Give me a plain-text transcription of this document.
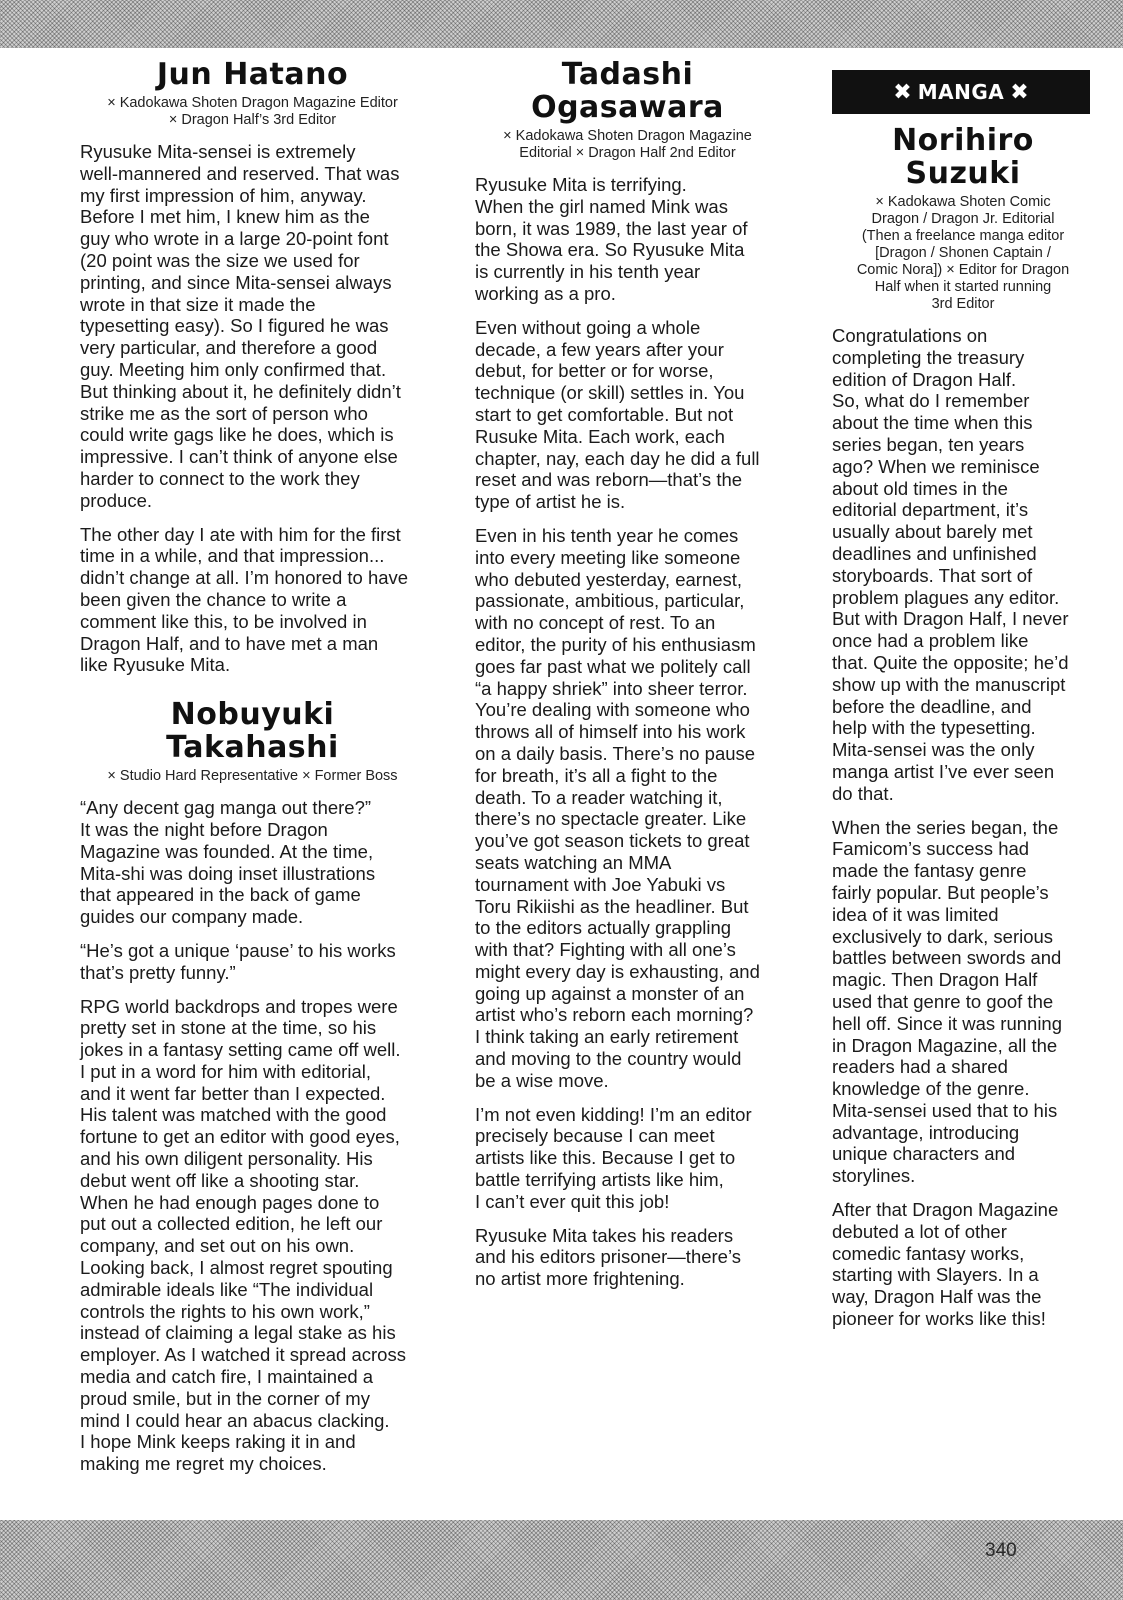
Jun Hatano
× Kadokawa Shoten Dragon Magazine Editor
× Dragon Half’s 3rd Editor

Ryusuke Mita-sensei is extremely
well-mannered and reserved. That was
my first impression of him, anyway.
Before I met him, I knew him as the
guy who wrote in a large 20-point font
(20 point was the size we used for
printing, and since Mita-sensei always
wrote in that size it made the
typesetting easy). So I figured he was
very particular, and therefore a good
guy. Meeting him only confirmed that.
But thinking about it, he definitely didn’t
strike me as the sort of person who
could write gags like he does, which is
impressive. I can’t think of anyone else
harder to connect to the work they
produce.

The other day I ate with him for the first
time in a while, and that impression...
didn’t change at all. I’m honored to have
been given the chance to write a
comment like this, to be involved in
Dragon Half, and to have met a man
like Ryusuke Mita.

Nobuyuki
Takahashi
× Studio Hard Representative × Former Boss

“Any decent gag manga out there?”
It was the night before Dragon
Magazine was founded. At the time,
Mita-shi was doing inset illustrations
that appeared in the back of game
guides our company made.

“He’s got a unique ‘pause’ to his works
that’s pretty funny.”

RPG world backdrops and tropes were
pretty set in stone at the time, so his
jokes in a fantasy setting came off well.
I put in a word for him with editorial,
and it went far better than I expected.
His talent was matched with the good
fortune to get an editor with good eyes,
and his own diligent personality. His
debut went off like a shooting star.
When he had enough pages done to
put out a collected edition, he left our
company, and set out on his own.
Looking back, I almost regret spouting
admirable ideals like “The individual
controls the rights to his own work,”
instead of claiming a legal stake as his
employer. As I watched it spread across
media and catch fire, I maintained a
proud smile, but in the corner of my
mind I could hear an abacus clacking.
I hope Mink keeps raking it in and
making me regret my choices.

Tadashi
Ogasawara
× Kadokawa Shoten Dragon Magazine
Editorial × Dragon Half 2nd Editor

Ryusuke Mita is terrifying.
When the girl named Mink was
born, it was 1989, the last year of
the Showa era. So Ryusuke Mita
is currently in his tenth year
working as a pro.

Even without going a whole
decade, a few years after your
debut, for better or for worse,
technique (or skill) settles in. You
start to get comfortable. But not
Rusuke Mita. Each work, each
chapter, nay, each day he did a full
reset and was reborn—that’s the
type of artist he is.

Even in his tenth year he comes
into every meeting like someone
who debuted yesterday, earnest,
passionate, ambitious, particular,
with no concept of rest. To an
editor, the purity of his enthusiasm
goes far past what we politely call
“a happy shriek” into sheer terror.
You’re dealing with someone who
throws all of himself into his work
on a daily basis. There’s no pause
for breath, it’s all a fight to the
death. To a reader watching it,
there’s no spectacle greater. Like
you’ve got season tickets to great
seats watching an MMA
tournament with Joe Yabuki vs
Toru Rikiishi as the headliner. But
to the editors actually grappling
with that? Fighting with all one’s
might every day is exhausting, and
going up against a monster of an
artist who’s reborn each morning?
I think taking an early retirement
and moving to the country would
be a wise move.

I’m not even kidding! I’m an editor
precisely because I can meet
artists like this. Because I get to
battle terrifying artists like him,
I can’t ever quit this job!

Ryusuke Mita takes his readers
and his editors prisoner—there’s
no artist more frightening.

✖ MANGA ✖
Norihiro
Suzuki
× Kadokawa Shoten Comic
Dragon / Dragon Jr. Editorial
(Then a freelance manga editor
[Dragon / Shonen Captain /
Comic Nora]) × Editor for Dragon
Half when it started running
3rd Editor

Congratulations on
completing the treasury
edition of Dragon Half.
So, what do I remember
about the time when this
series began, ten years
ago? When we reminisce
about old times in the
editorial department, it’s
usually about barely met
deadlines and unfinished
storyboards. That sort of
problem plagues any editor.
But with Dragon Half, I never
once had a problem like
that. Quite the opposite; he’d
show up with the manuscript
before the deadline, and
help with the typesetting.
Mita-sensei was the only
manga artist I’ve ever seen
do that.

When the series began, the
Famicom’s success had
made the fantasy genre
fairly popular. But people’s
idea of it was limited
exclusively to dark, serious
battles between swords and
magic. Then Dragon Half
used that genre to goof the
hell off. Since it was running
in Dragon Magazine, all the
readers had a shared
knowledge of the genre.
Mita-sensei used that to his
advantage, introducing
unique characters and
storylines.

After that Dragon Magazine
debuted a lot of other
comedic fantasy works,
starting with Slayers. In a
way, Dragon Half was the
pioneer for works like this!

340
